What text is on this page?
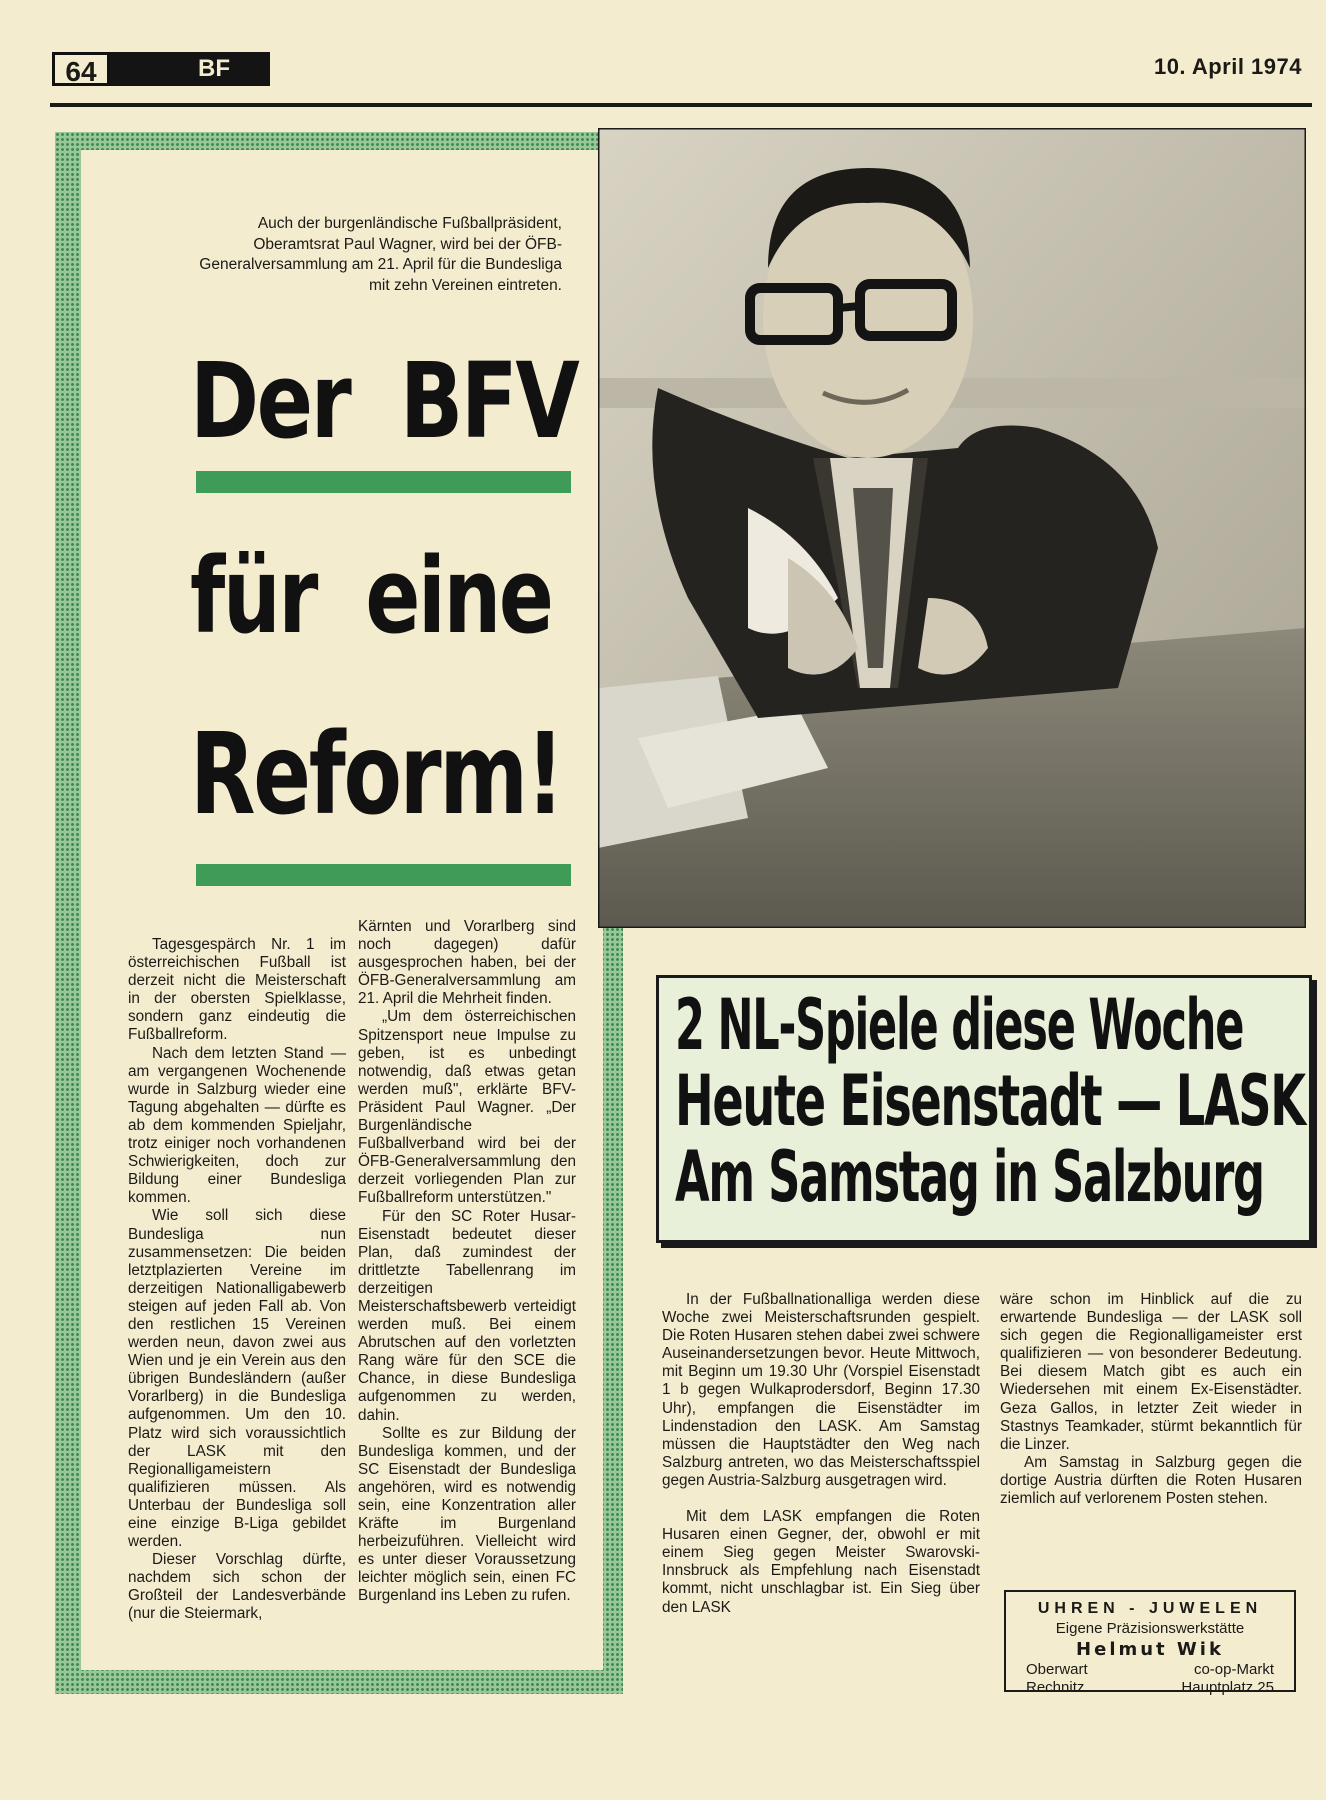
64	BF	10. April 1974
Auch der burgenländische Fußballpräsident, Oberamtsrat Paul Wagner, wird bei der ÖFB-Generalversammlung am 21. April für die Bundesliga mit zehn Vereinen eintreten.
Der BFV
für eine
Reform!

Tagesgespärch Nr. 1 im österreichischen Fußball ist derzeit nicht die Meisterschaft in der obersten Spielklasse, sondern ganz eindeutig die Fußballreform.

Nach dem letzten Stand — am vergangenen Wochenende wurde in Salzburg wieder eine Tagung abgehalten — dürfte es ab dem kommenden Spieljahr, trotz einiger noch vorhandenen Schwierigkeiten, doch zur Bildung einer Bundesliga kommen.

Wie soll sich diese Bundesliga nun zusammensetzen: Die beiden letztplazierten Vereine im derzeitigen Nationalligabewerb steigen auf jeden Fall ab. Von den restlichen 15 Vereinen werden neun, davon zwei aus Wien und je ein Verein aus den übrigen Bundesländern (außer Vorarlberg) in die Bundesliga aufgenommen. Um den 10. Platz wird sich voraussichtlich der LASK mit den Regionalligameistern qualifizieren müssen. Als Unterbau der Bundesliga soll eine einzige B-Liga gebildet werden.

Dieser Vorschlag dürfte, nachdem sich schon der Großteil der Landesverbände (nur die Steiermark,

Kärnten und Vorarlberg sind noch dagegen) dafür ausgesprochen haben, bei der ÖFB-Generalversammlung am 21. April die Mehrheit finden.

„Um dem österreichischen Spitzensport neue Impulse zu geben, ist es unbedingt notwendig, daß etwas getan werden muß", erklärte BFV-Präsident Paul Wagner. „Der Burgenländische Fußballverband wird bei der ÖFB-Generalversammlung den derzeit vorliegenden Plan zur Fußballreform unterstützen."

Für den SC Roter Husar-Eisenstadt bedeutet dieser Plan, daß zumindest der drittletzte Tabellenrang im derzeitigen Meisterschaftsbewerb verteidigt werden muß. Bei einem Abrutschen auf den vorletzten Rang wäre für den SCE die Chance, in diese Bundesliga aufgenommen zu werden, dahin.

Sollte es zur Bildung der Bundesliga kommen, und der SC Eisenstadt der Bundesliga angehören, wird es notwendig sein, eine Konzentration aller Kräfte im Burgenland herbeizuführen. Vielleicht wird es unter dieser Voraussetzung leichter möglich sein, einen FC Burgenland ins Leben zu rufen.

2 NL-Spiele diese Woche
Heute Eisenstadt — LASK
Am Samstag in Salzburg

In der Fußballnationalliga werden diese Woche zwei Meisterschaftsrunden gespielt. Die Roten Husaren stehen dabei zwei schwere Auseinandersetzungen bevor. Heute Mittwoch, mit Beginn um 19.30 Uhr (Vorspiel Eisenstadt 1 b gegen Wulkaprodersdorf, Beginn 17.30 Uhr), empfangen die Eisenstädter im Lindenstadion den LASK. Am Samstag müssen die Hauptstädter den Weg nach Salzburg antreten, wo das Meisterschaftsspiel gegen Austria-Salzburg ausgetragen wird.

Mit dem LASK empfangen die Roten Husaren einen Gegner, der, obwohl er mit einem Sieg gegen Meister Swarovski-Innsbruck als Empfehlung nach Eisenstadt kommt, nicht unschlagbar ist. Ein Sieg über den LASK

wäre schon im Hinblick auf die zu erwartende Bundesliga — der LASK soll sich gegen die Regionalligameister erst qualifizieren — von besonderer Bedeutung. Bei diesem Match gibt es auch ein Wiedersehen mit einem Ex-Eisenstädter. Geza Gallos, in letzter Zeit wieder in Stastnys Teamkader, stürmt bekanntlich für die Linzer.

Am Samstag in Salzburg gegen die dortige Austria dürften die Roten Husaren ziemlich auf verlorenem Posten stehen.

UHREN - JUWELEN
Eigene Präzisionswerkstätte
Helmut Wik
Oberwart	co-op-Markt
Rechnitz	Hauptplatz 25
